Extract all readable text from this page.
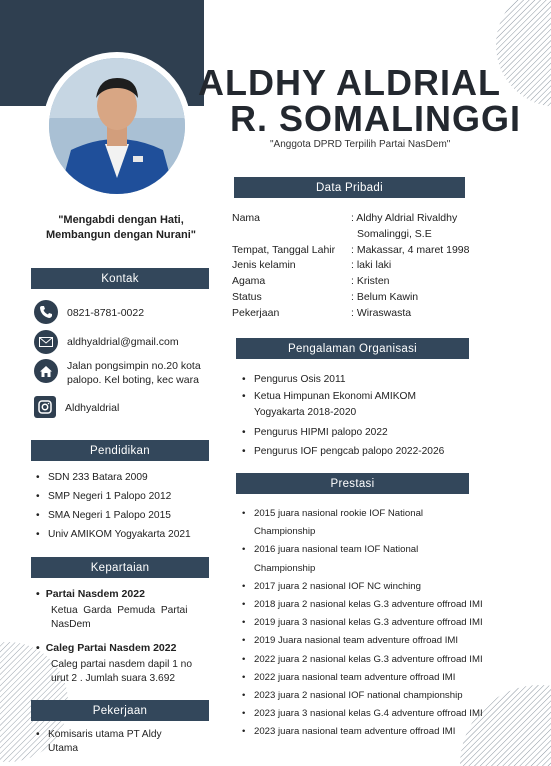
ALDHY ALDRIAL
R. SOMALINGGI
"Anggota DPRD Terpilih Partai NasDem"
"Mengabdi dengan Hati,
Membangun dengan Nurani"
Kontak
0821-8781-0022
aldhyaldrial@gmail.com
Jalan pongsimpin no.20 kota
palopo. Kel boting, kec wara
Aldhyaldrial
Pendidikan
• SDN 233 Batara 2009
• SMP Negeri 1 Palopo 2012
• SMA Negeri 1 Palopo 2015
• Univ AMIKOM Yogyakarta 2021
Kepartaian
• Partai Nasdem 2022
Ketua  Garda  Pemuda  Partai
NasDem
• Caleg Partai Nasdem 2022
Caleg partai nasdem dapil 1 no
urut 2 . Jumlah suara 3.692
Pekerjaan
• Komisaris utama PT Aldy
Utama
Data Pribadi
Nama

Tempat, Tanggal Lahir
Jenis kelamin
Agama
Status
Pekerjaan
: Aldhy Aldrial Rivaldhy
Somalinggi, S.E
: Makassar, 4 maret 1998
: laki laki
: Kristen
: Belum Kawin
: Wiraswasta
Pengalaman Organisasi
• Pengurus Osis 2011
• Ketua Himpunan Ekonomi AMIKOM
Yogyakarta 2018-2020
• Pengurus HIPMI palopo 2022
• Pengurus IOF pengcab palopo 2022-2026
Prestasi
• 2015 juara nasional rookie IOF National
Championship
• 2016 juara nasional team IOF National
Championship
• 2017 juara 2 nasional IOF NC winching
• 2018 juara 2 nasional kelas G.3 adventure offroad IMI
• 2019 juara 3 nasional kelas G.3 adventure offroad IMI
• 2019 Juara nasional team adventure offroad IMI
• 2022 juara 2 nasional kelas G.3 adventure offroad IMI
• 2022 juara nasional team adventure offroad IMI
• 2023 juara 2 nasional IOF national championship
• 2023 juara 3 nasional kelas G.4 adventure offroad IMI
• 2023 juara nasional team adventure offroad IMI
